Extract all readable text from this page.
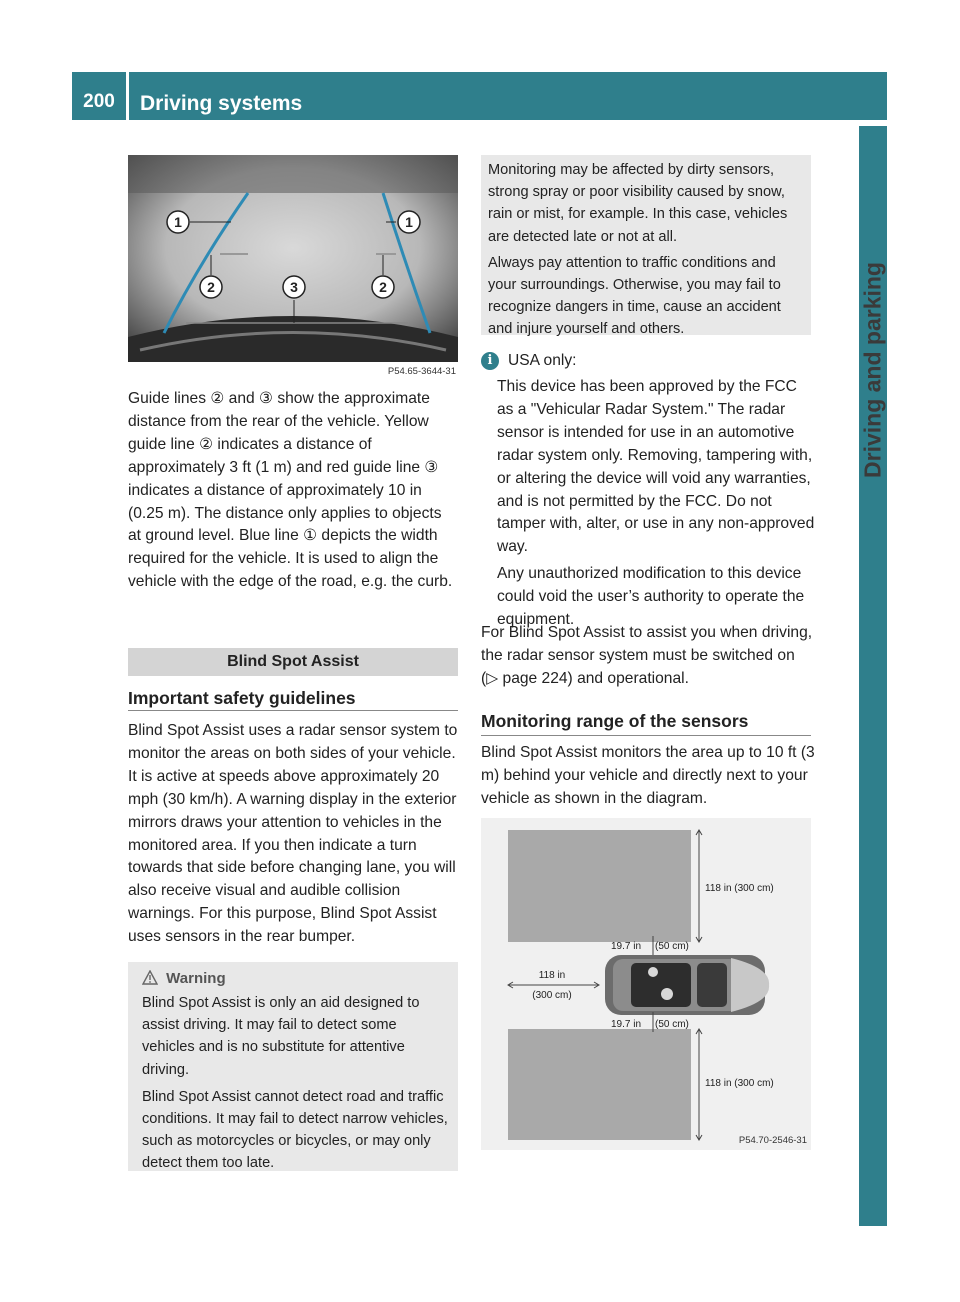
200	Driving systems
Driving and parking
1	1
2	3	2
P54.65-3644-31

Guide lines ② and ③ show the approximate distance from the rear of the vehicle. Yellow guide line ② indicates a distance of approximately 3 ft (1 m) and red guide line ③ indicates a distance of approximately 10 in (0.25 m). The distance only applies to objects at ground level. Blue line ① depicts the width required for the vehicle. It is used to align the vehicle with the edge of the road, e.g. the curb.

Blind Spot Assist
Important safety guidelines

Blind Spot Assist uses a radar sensor system to monitor the areas on both sides of your vehicle. It is active at speeds above approximately 20 mph (30 km/h). A warning display in the exterior mirrors draws your attention to vehicles in the monitored area. If you then indicate a turn towards that side before changing lane, you will also receive visual and audible collision warnings. For this purpose, Blind Spot Assist uses sensors in the rear bumper.

Warning

Blind Spot Assist is only an aid designed to assist driving. It may fail to detect some vehicles and is no substitute for attentive driving.

Blind Spot Assist cannot detect road and traffic conditions. It may fail to detect narrow vehicles, such as motorcycles or bicycles, or may only detect them too late.

Monitoring may be affected by dirty sensors, strong spray or poor visibility caused by snow, rain or mist, for example. In this case, vehicles are detected late or not at all.

Always pay attention to traffic conditions and your surroundings. Otherwise, you may fail to recognize dangers in time, cause an accident and injure yourself and others.

i USA only:

This device has been approved by the FCC as a "Vehicular Radar System." The radar sensor is intended for use in an automotive radar system only. Removing, tampering with, or altering the device will void any warranties, and is not permitted by the FCC. Do not tamper with, alter, or use in any non-approved way.

Any unauthorized modification to this device could void the user’s authority to operate the equipment.

For Blind Spot Assist to assist you when driving, the radar sensor system must be switched on (▷ page 224) and operational.

Monitoring range of the sensors

Blind Spot Assist monitors the area up to 10 ft (3 m) behind your vehicle and directly next to your vehicle as shown in the diagram.

118 in (300 cm)
19.7 in (50 cm)
118 in
(300 cm)
19.7 in (50 cm)
118 in (300 cm)
P54.70-2546-31
